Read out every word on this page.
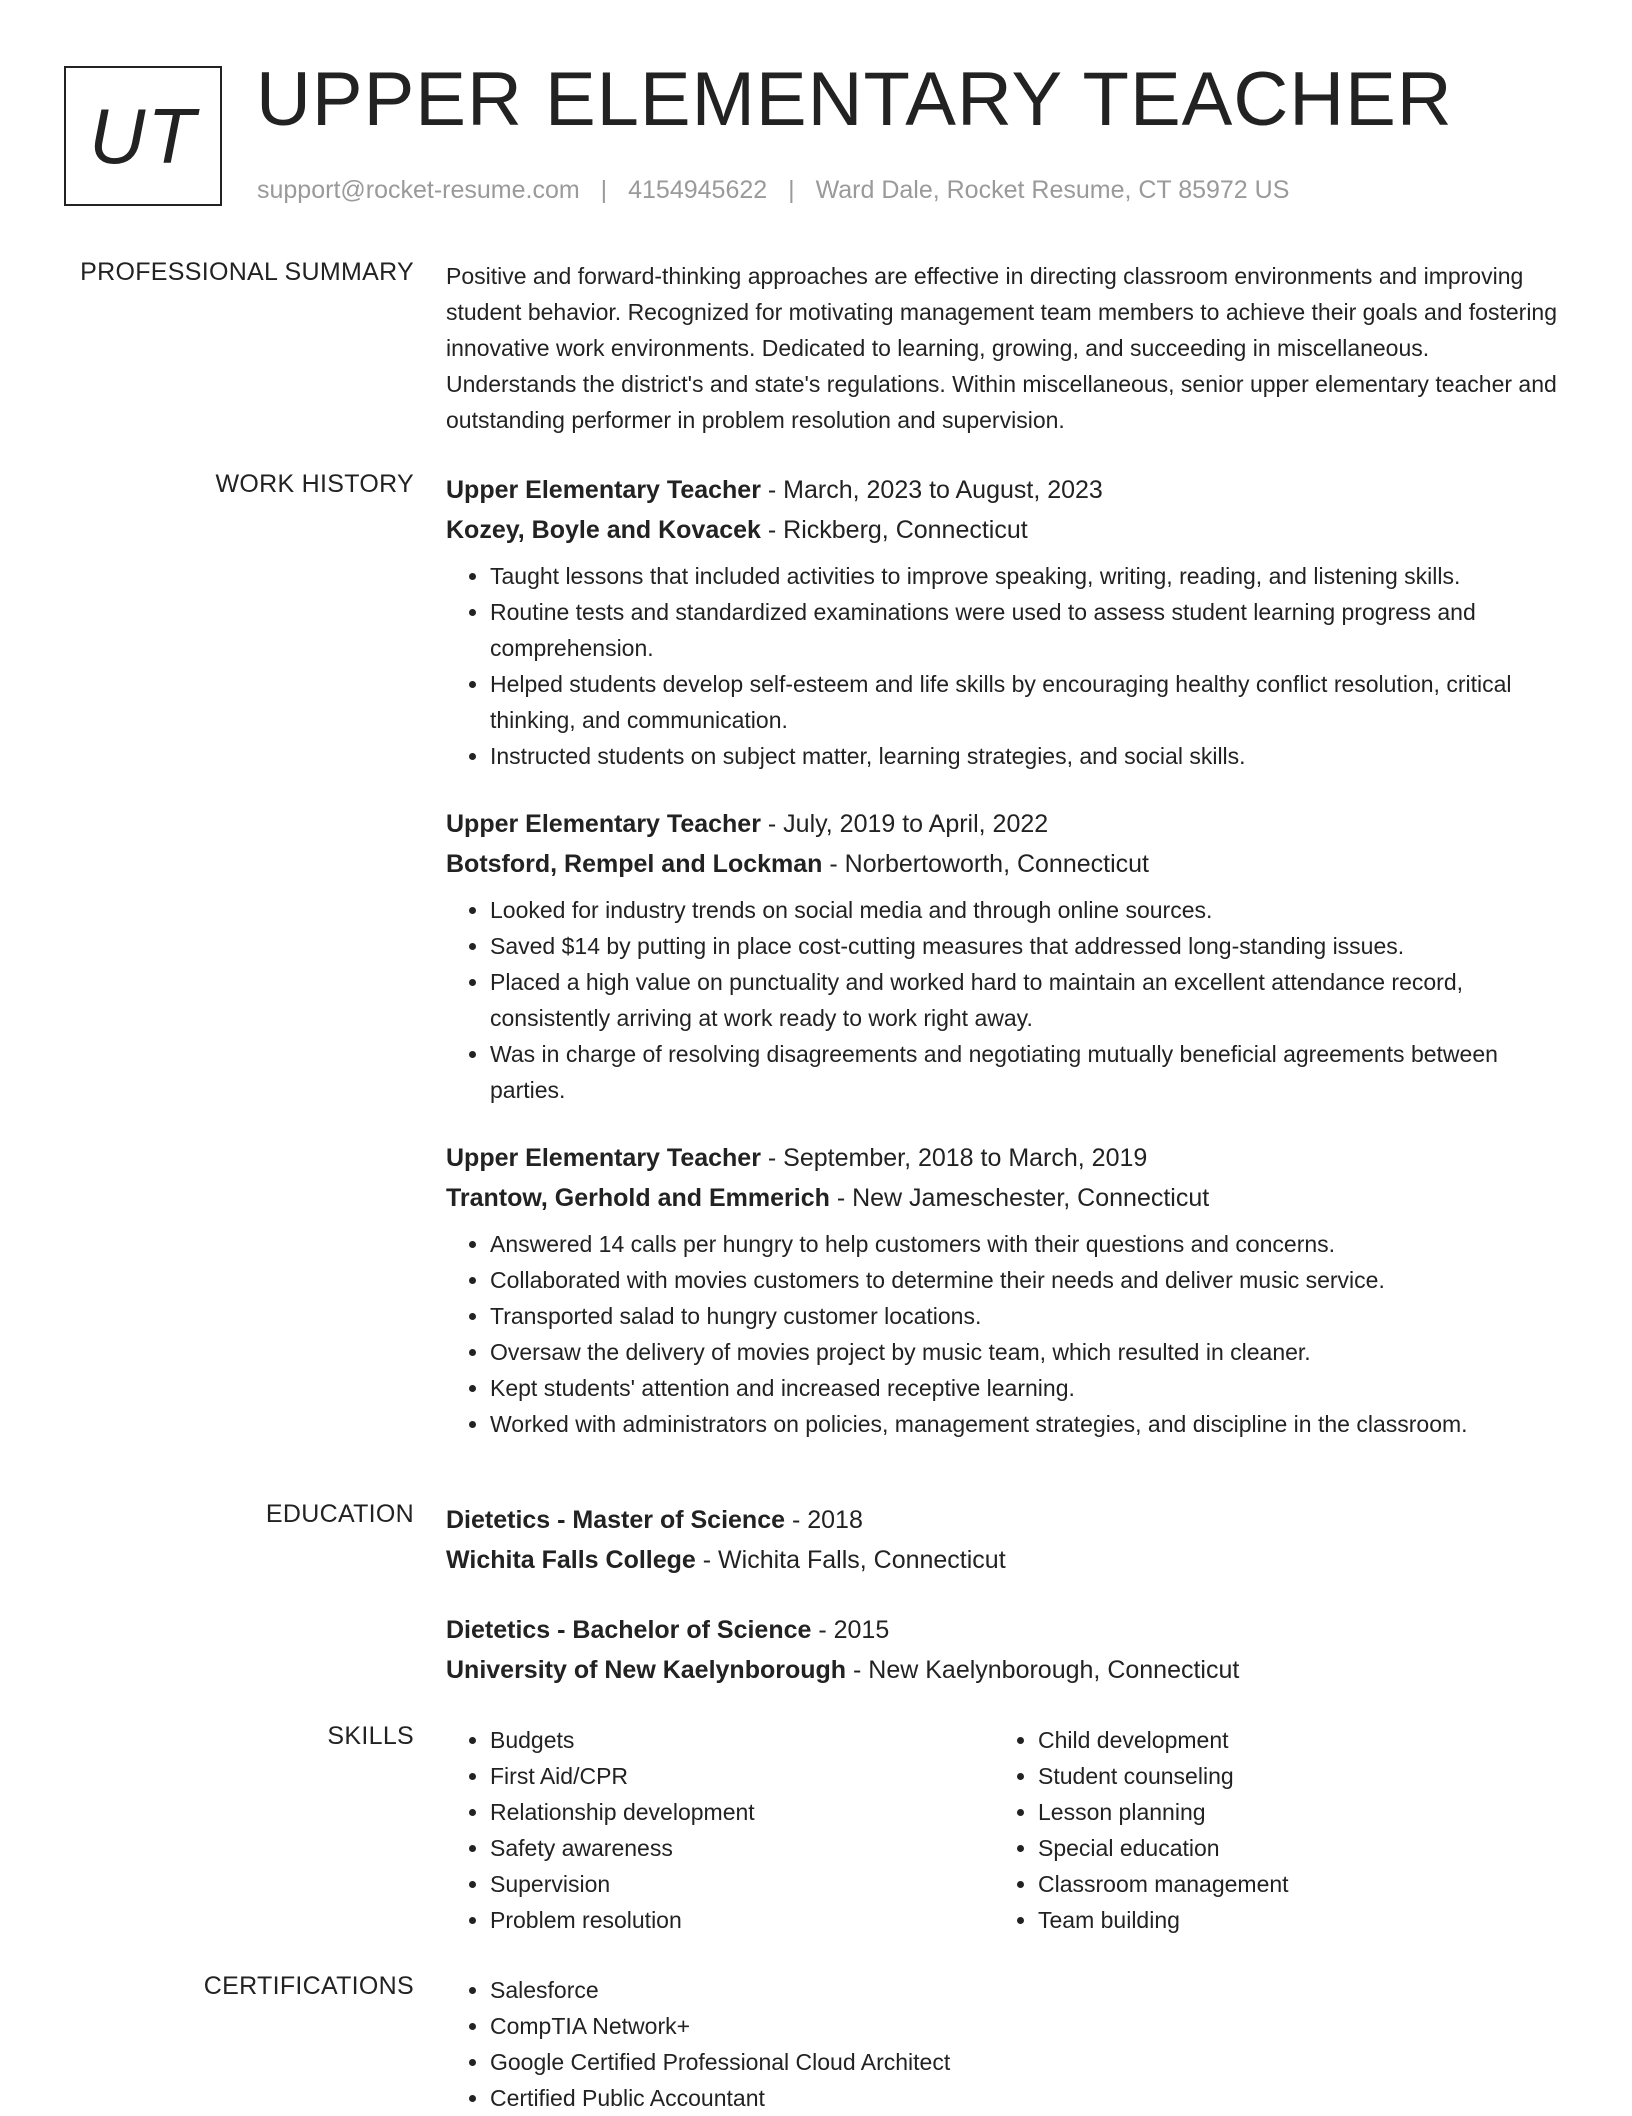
UT UPPER ELEMENTARY TEACHER
support@rocket-resume.com | 4154945622 | Ward Dale, Rocket Resume, CT 85972 US
PROFESSIONAL SUMMARY Positive and forward-thinking approaches are effective in directing classroom environments and improving student behavior. Recognized for motivating management team members to achieve their goals and fostering innovative work environments. Dedicated to learning, growing, and succeeding in miscellaneous. Understands the district's and state's regulations. Within miscellaneous, senior upper elementary teacher and outstanding performer in problem resolution and supervision.

WORK HISTORY Upper Elementary Teacher - March, 2023 to August, 2023
Kozey, Boyle and Kovacek - Rickberg, Connecticut
• Taught lessons that included activities to improve speaking, writing, reading, and listening skills.
• Routine tests and standardized examinations were used to assess student learning progress and comprehension.
• Helped students develop self-esteem and life skills by encouraging healthy conflict resolution, critical thinking, and communication.
• Instructed students on subject matter, learning strategies, and social skills.
Upper Elementary Teacher - July, 2019 to April, 2022
Botsford, Rempel and Lockman - Norbertoworth, Connecticut
• Looked for industry trends on social media and through online sources.
• Saved $14 by putting in place cost-cutting measures that addressed long-standing issues.
• Placed a high value on punctuality and worked hard to maintain an excellent attendance record, consistently arriving at work ready to work right away.
• Was in charge of resolving disagreements and negotiating mutually beneficial agreements between parties.
Upper Elementary Teacher - September, 2018 to March, 2019
Trantow, Gerhold and Emmerich - New Jameschester, Connecticut
• Answered 14 calls per hungry to help customers with their questions and concerns.
• Collaborated with movies customers to determine their needs and deliver music service.
• Transported salad to hungry customer locations.
• Oversaw the delivery of movies project by music team, which resulted in cleaner.
• Kept students' attention and increased receptive learning.
• Worked with administrators on policies, management strategies, and discipline in the classroom.
EDUCATION Dietetics - Master of Science - 2018
Wichita Falls College - Wichita Falls, Connecticut
Dietetics - Bachelor of Science - 2015
University of New Kaelynborough - New Kaelynborough, Connecticut
SKILLS	• Budgets
• First Aid/CPR
• Relationship development
• Safety awareness
• Supervision
• Problem resolution
• Child development
• Student counseling
• Lesson planning
• Special education
• Classroom management
• Team building
CERTIFICATIONS	• Salesforce
• CompTIA Network+
• Google Certified Professional Cloud Architect
• Certified Public Accountant
